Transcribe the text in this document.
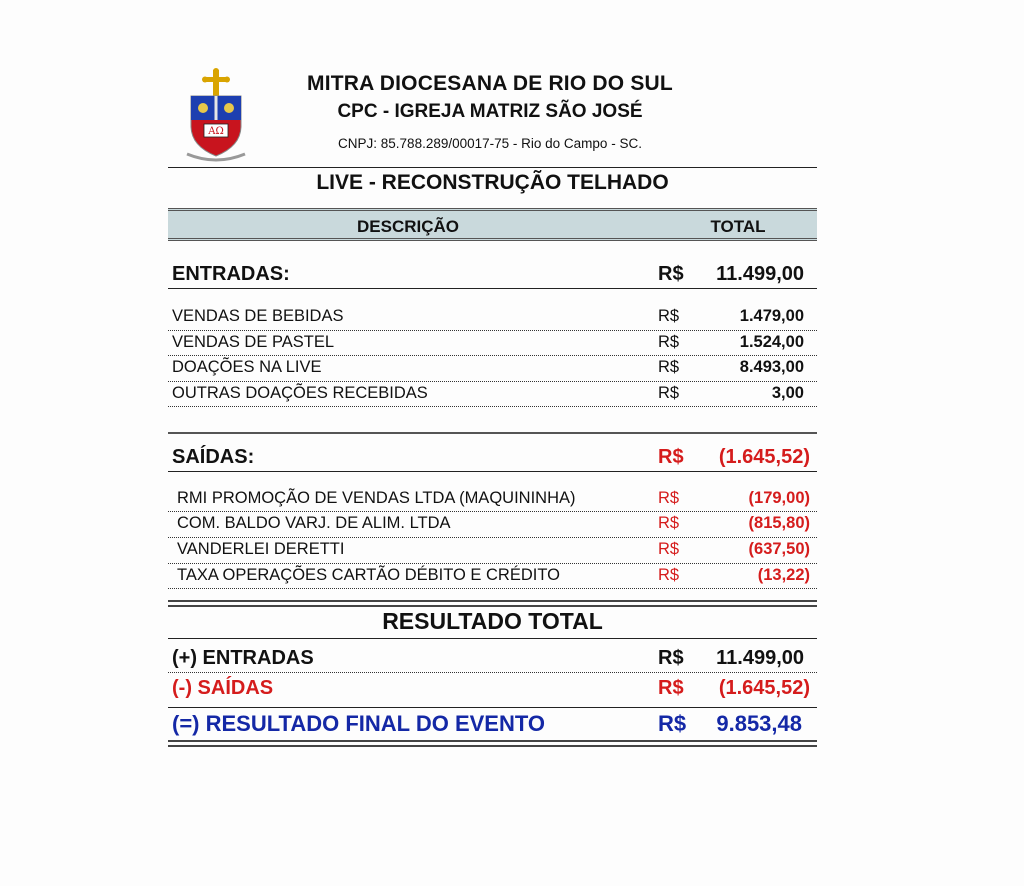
AΩ
MITRA DIOCESANA DE RIO DO SUL
CPC - IGREJA MATRIZ SÃO JOSÉ
CNPJ: 85.788.289/00017-75 - Rio do Campo - SC.
LIVE - RECONSTRUÇÃO TELHADO
DESCRIÇÃO	TOTAL
ENTRADAS:	R$ 11.499,00
VENDAS DE BEBIDAS	R$	1.479,00
VENDAS DE PASTEL	R$	1.524,00
DOAÇÕES NA LIVE	R$	8.493,00
OUTRAS DOAÇÕES RECEBIDAS	R$	3,00
SAÍDAS:	R$ (1.645,52)
RMI PROMOÇÃO DE VENDAS LTDA (MAQUININHA)	R$	(179,00)
COM. BALDO VARJ. DE ALIM. LTDA	R$	(815,80)
VANDERLEI DERETTI	R$	(637,50)
TAXA OPERAÇÕES CARTÃO DÉBITO E CRÉDITO	R$	(13,22)
RESULTADO TOTAL
(+) ENTRADAS	R$ 11.499,00
(-) SAÍDAS	R$ (1.645,52)
(=) RESULTADO FINAL DO EVENTO	R$ 9.853,48
